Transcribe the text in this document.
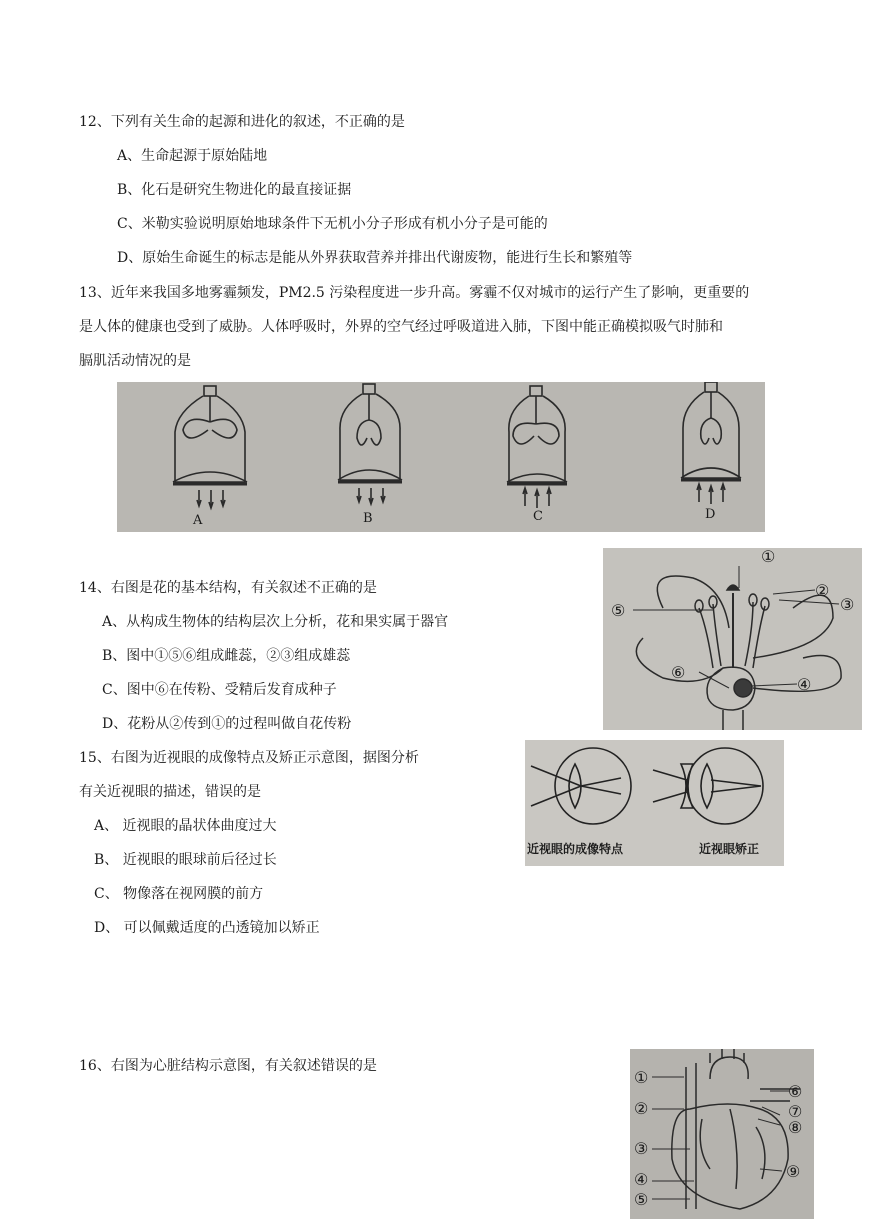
12、下列有关生命的起源和进化的叙述，不正确的是
A、生命起源于原始陆地
B、化石是研究生物进化的最直接证据
C、米勒实验说明原始地球条件下无机小分子形成有机小分子是可能的
D、原始生命诞生的标志是能从外界获取营养并排出代谢废物，能进行生长和繁殖等
13、近年来我国多地雾霾频发，PM2.5 污染程度进一步升高。雾霾不仅对城市的运行产生了影响，更重要的
是人体的健康也受到了威胁。人体呼吸时，外界的空气经过呼吸道进入肺，下图中能正确模拟吸气时肺和
膈肌活动情况的是
A	B	C	D
14、右图是花的基本结构，有关叙述不正确的是
A、从构成生物体的结构层次上分析，花和果实属于器官
B、图中①⑤⑥组成雌蕊，②③组成雄蕊
C、图中⑥在传粉、受精后发育成种子
D、花粉从②传到①的过程叫做自花传粉
①
②
③
④
⑤
⑥
15、右图为近视眼的成像特点及矫正示意图，据图分析
有关近视眼的描述，错误的是
A、 近视眼的晶状体曲度过大
B、 近视眼的眼球前后径过长
C、 物像落在视网膜的前方
D、 可以佩戴适度的凸透镜加以矫正
近视眼的成像特点	近视眼矫正
16、右图为心脏结构示意图，有关叙述错误的是
①
②
③
④
⑤
⑥
⑦
⑧
⑨
